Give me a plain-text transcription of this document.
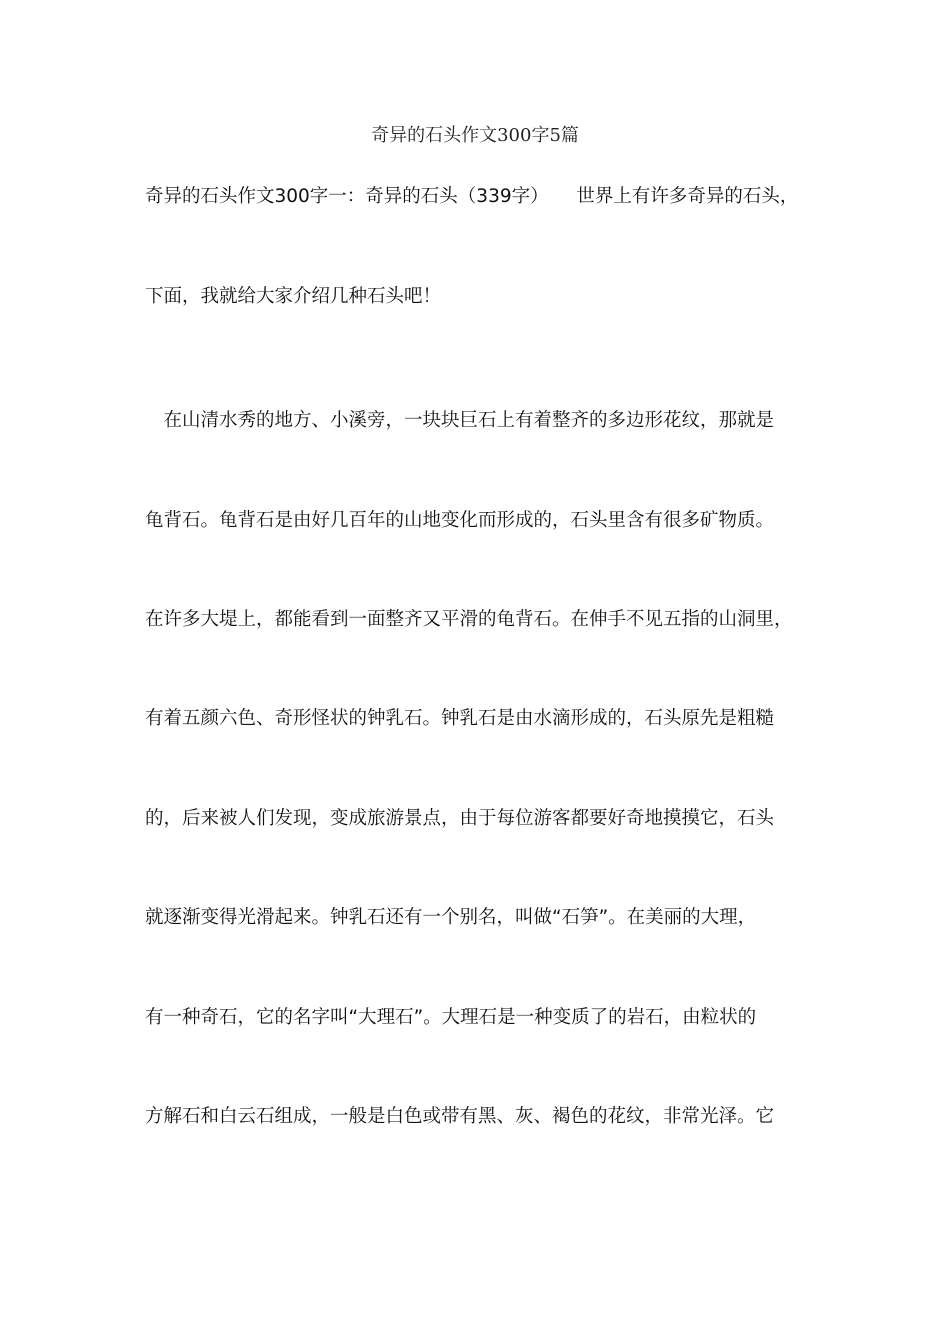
奇异的石头作文300字5篇
奇异的石头作文300字一：奇异的石头（339字）　　世界上有许多奇异的石头，
下面，我就给大家介绍几种石头吧！
　在山清水秀的地方、小溪旁，一块块巨石上有着整齐的多边形花纹，那就是
龟背石。龟背石是由好几百年的山地变化而形成的，石头里含有很多矿物质。
在许多大堤上，都能看到一面整齐又平滑的龟背石。在伸手不见五指的山洞里，
有着五颜六色、奇形怪状的钟乳石。钟乳石是由水滴形成的，石头原先是粗糙
的，后来被人们发现，变成旅游景点，由于每位游客都要好奇地摸摸它，石头
就逐渐变得光滑起来。钟乳石还有一个别名，叫做“石笋”。在美丽的大理，
有一种奇石，它的名字叫“大理石”。大理石是一种变质了的岩石，由粒状的
方解石和白云石组成，一般是白色或带有黑、灰、褐色的花纹，非常光泽。它
